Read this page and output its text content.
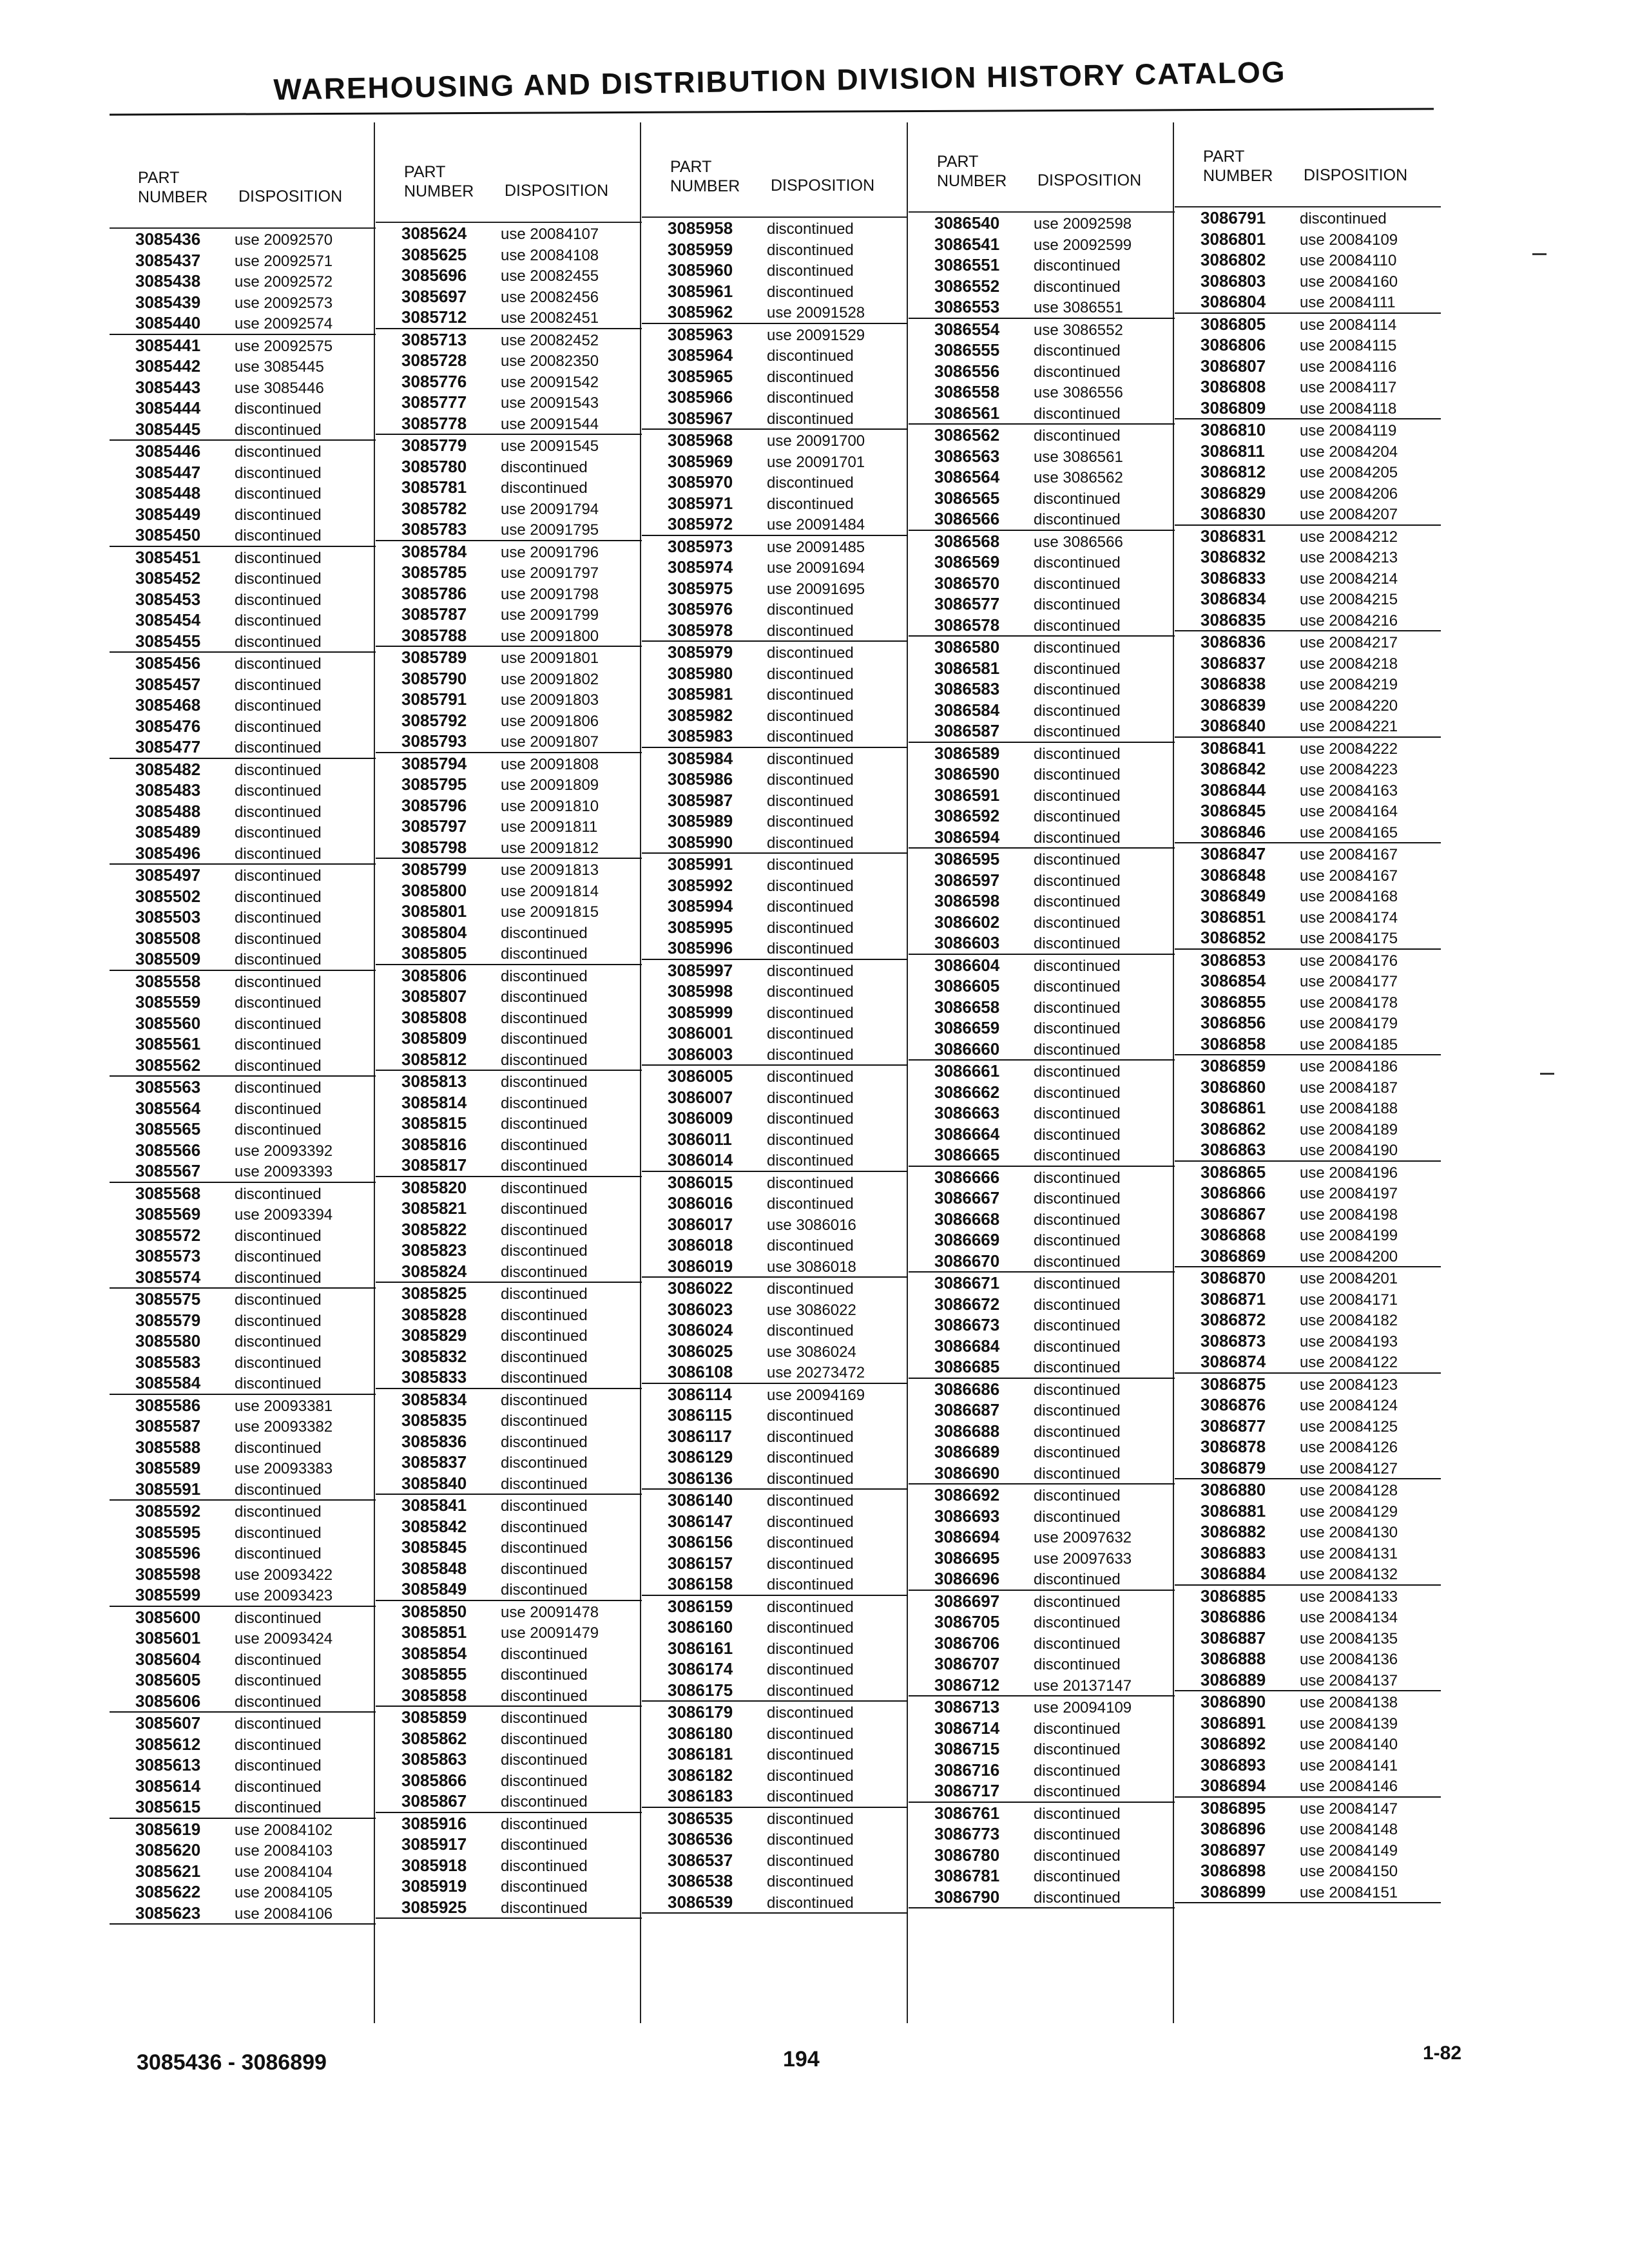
WAREHOUSING AND DISTRIBUTION DIVISION HISTORY CATALOG
PART
NUMBER DISPOSITION
3085436 use 20092570
3085437 use 20092571
3085438 use 20092572
3085439 use 20092573
3085440 use 20092574
3085441 use 20092575
3085442 use 3085445
3085443 use 3085446
3085444 discontinued
3085445 discontinued
3085446 discontinued
3085447 discontinued
3085448 discontinued
3085449 discontinued
3085450 discontinued
3085451 discontinued
3085452 discontinued
3085453 discontinued
3085454 discontinued
3085455 discontinued
3085456 discontinued
3085457 discontinued
3085468 discontinued
3085476 discontinued
3085477 discontinued
3085482 discontinued
3085483 discontinued
3085488 discontinued
3085489 discontinued
3085496 discontinued
3085497 discontinued
3085502 discontinued
3085503 discontinued
3085508 discontinued
3085509 discontinued
3085558 discontinued
3085559 discontinued
3085560 discontinued
3085561 discontinued
3085562 discontinued
3085563 discontinued
3085564 discontinued
3085565 discontinued
3085566 use 20093392
3085567 use 20093393
3085568 discontinued
3085569 use 20093394
3085572 discontinued
3085573 discontinued
3085574 discontinued
3085575 discontinued
3085579 discontinued
3085580 discontinued
3085583 discontinued
3085584 discontinued
3085586 use 20093381
3085587 use 20093382
3085588 discontinued
3085589 use 20093383
3085591 discontinued
3085592 discontinued
3085595 discontinued
3085596 discontinued
3085598 use 20093422
3085599 use 20093423
3085600 discontinued
3085601 use 20093424
3085604 discontinued
3085605 discontinued
3085606 discontinued
3085607 discontinued
3085612 discontinued
3085613 discontinued
3085614 discontinued
3085615 discontinued
3085619 use 20084102
3085620 use 20084103
3085621 use 20084104
3085622 use 20084105
3085623 use 20084106
PART
NUMBER DISPOSITION
3085624 use 20084107
3085625 use 20084108
3085696 use 20082455
3085697 use 20082456
3085712 use 20082451
3085713 use 20082452
3085728 use 20082350
3085776 use 20091542
3085777 use 20091543
3085778 use 20091544
3085779 use 20091545
3085780 discontinued
3085781 discontinued
3085782 use 20091794
3085783 use 20091795
3085784 use 20091796
3085785 use 20091797
3085786 use 20091798
3085787 use 20091799
3085788 use 20091800
3085789 use 20091801
3085790 use 20091802
3085791 use 20091803
3085792 use 20091806
3085793 use 20091807
3085794 use 20091808
3085795 use 20091809
3085796 use 20091810
3085797 use 20091811
3085798 use 20091812
3085799 use 20091813
3085800 use 20091814
3085801 use 20091815
3085804 discontinued
3085805 discontinued
3085806 discontinued
3085807 discontinued
3085808 discontinued
3085809 discontinued
3085812 discontinued
3085813 discontinued
3085814 discontinued
3085815 discontinued
3085816 discontinued
3085817 discontinued
3085820 discontinued
3085821 discontinued
3085822 discontinued
3085823 discontinued
3085824 discontinued
3085825 discontinued
3085828 discontinued
3085829 discontinued
3085832 discontinued
3085833 discontinued
3085834 discontinued
3085835 discontinued
3085836 discontinued
3085837 discontinued
3085840 discontinued
3085841 discontinued
3085842 discontinued
3085845 discontinued
3085848 discontinued
3085849 discontinued
3085850 use 20091478
3085851 use 20091479
3085854 discontinued
3085855 discontinued
3085858 discontinued
3085859 discontinued
3085862 discontinued
3085863 discontinued
3085866 discontinued
3085867 discontinued
3085916 discontinued
3085917 discontinued
3085918 discontinued
3085919 discontinued
3085925 discontinued
PART
NUMBER DISPOSITION
3085958 discontinued
3085959 discontinued
3085960 discontinued
3085961 discontinued
3085962 use 20091528
3085963 use 20091529
3085964 discontinued
3085965 discontinued
3085966 discontinued
3085967 discontinued
3085968 use 20091700
3085969 use 20091701
3085970 discontinued
3085971 discontinued
3085972 use 20091484
3085973 use 20091485
3085974 use 20091694
3085975 use 20091695
3085976 discontinued
3085978 discontinued
3085979 discontinued
3085980 discontinued
3085981 discontinued
3085982 discontinued
3085983 discontinued
3085984 discontinued
3085986 discontinued
3085987 discontinued
3085989 discontinued
3085990 discontinued
3085991 discontinued
3085992 discontinued
3085994 discontinued
3085995 discontinued
3085996 discontinued
3085997 discontinued
3085998 discontinued
3085999 discontinued
3086001 discontinued
3086003 discontinued
3086005 discontinued
3086007 discontinued
3086009 discontinued
3086011 discontinued
3086014 discontinued
3086015 discontinued
3086016 discontinued
3086017 use 3086016
3086018 discontinued
3086019 use 3086018
3086022 discontinued
3086023 use 3086022
3086024 discontinued
3086025 use 3086024
3086108 use 20273472
3086114 use 20094169
3086115 discontinued
3086117 discontinued
3086129 discontinued
3086136 discontinued
3086140 discontinued
3086147 discontinued
3086156 discontinued
3086157 discontinued
3086158 discontinued
3086159 discontinued
3086160 discontinued
3086161 discontinued
3086174 discontinued
3086175 discontinued
3086179 discontinued
3086180 discontinued
3086181 discontinued
3086182 discontinued
3086183 discontinued
3086535 discontinued
3086536 discontinued
3086537 discontinued
3086538 discontinued
3086539 discontinued
PART
NUMBER DISPOSITION
3086540 use 20092598
3086541 use 20092599
3086551 discontinued
3086552 discontinued
3086553 use 3086551
3086554 use 3086552
3086555 discontinued
3086556 discontinued
3086558 use 3086556
3086561 discontinued
3086562 discontinued
3086563 use 3086561
3086564 use 3086562
3086565 discontinued
3086566 discontinued
3086568 use 3086566
3086569 discontinued
3086570 discontinued
3086577 discontinued
3086578 discontinued
3086580 discontinued
3086581 discontinued
3086583 discontinued
3086584 discontinued
3086587 discontinued
3086589 discontinued
3086590 discontinued
3086591 discontinued
3086592 discontinued
3086594 discontinued
3086595 discontinued
3086597 discontinued
3086598 discontinued
3086602 discontinued
3086603 discontinued
3086604 discontinued
3086605 discontinued
3086658 discontinued
3086659 discontinued
3086660 discontinued
3086661 discontinued
3086662 discontinued
3086663 discontinued
3086664 discontinued
3086665 discontinued
3086666 discontinued
3086667 discontinued
3086668 discontinued
3086669 discontinued
3086670 discontinued
3086671 discontinued
3086672 discontinued
3086673 discontinued
3086684 discontinued
3086685 discontinued
3086686 discontinued
3086687 discontinued
3086688 discontinued
3086689 discontinued
3086690 discontinued
3086692 discontinued
3086693 discontinued
3086694 use 20097632
3086695 use 20097633
3086696 discontinued
3086697 discontinued
3086705 discontinued
3086706 discontinued
3086707 discontinued
3086712 use 20137147
3086713 use 20094109
3086714 discontinued
3086715 discontinued
3086716 discontinued
3086717 discontinued
3086761 discontinued
3086773 discontinued
3086780 discontinued
3086781 discontinued
3086790 discontinued
PART
NUMBER DISPOSITION
3086791 discontinued
3086801 use 20084109
3086802 use 20084110
3086803 use 20084160
3086804 use 20084111
3086805 use 20084114
3086806 use 20084115
3086807 use 20084116
3086808 use 20084117
3086809 use 20084118
3086810 use 20084119
3086811 use 20084204
3086812 use 20084205
3086829 use 20084206
3086830 use 20084207
3086831 use 20084212
3086832 use 20084213
3086833 use 20084214
3086834 use 20084215
3086835 use 20084216
3086836 use 20084217
3086837 use 20084218
3086838 use 20084219
3086839 use 20084220
3086840 use 20084221
3086841 use 20084222
3086842 use 20084223
3086844 use 20084163
3086845 use 20084164
3086846 use 20084165
3086847 use 20084167
3086848 use 20084167
3086849 use 20084168
3086851 use 20084174
3086852 use 20084175
3086853 use 20084176
3086854 use 20084177
3086855 use 20084178
3086856 use 20084179
3086858 use 20084185
3086859 use 20084186
3086860 use 20084187
3086861 use 20084188
3086862 use 20084189
3086863 use 20084190
3086865 use 20084196
3086866 use 20084197
3086867 use 20084198
3086868 use 20084199
3086869 use 20084200
3086870 use 20084201
3086871 use 20084171
3086872 use 20084182
3086873 use 20084193
3086874 use 20084122
3086875 use 20084123
3086876 use 20084124
3086877 use 20084125
3086878 use 20084126
3086879 use 20084127
3086880 use 20084128
3086881 use 20084129
3086882 use 20084130
3086883 use 20084131
3086884 use 20084132
3086885 use 20084133
3086886 use 20084134
3086887 use 20084135
3086888 use 20084136
3086889 use 20084137
3086890 use 20084138
3086891 use 20084139
3086892 use 20084140
3086893 use 20084141
3086894 use 20084146
3086895 use 20084147
3086896 use 20084148
3086897 use 20084149
3086898 use 20084150
3086899 use 20084151
3085436 - 3086899	194	1-82
